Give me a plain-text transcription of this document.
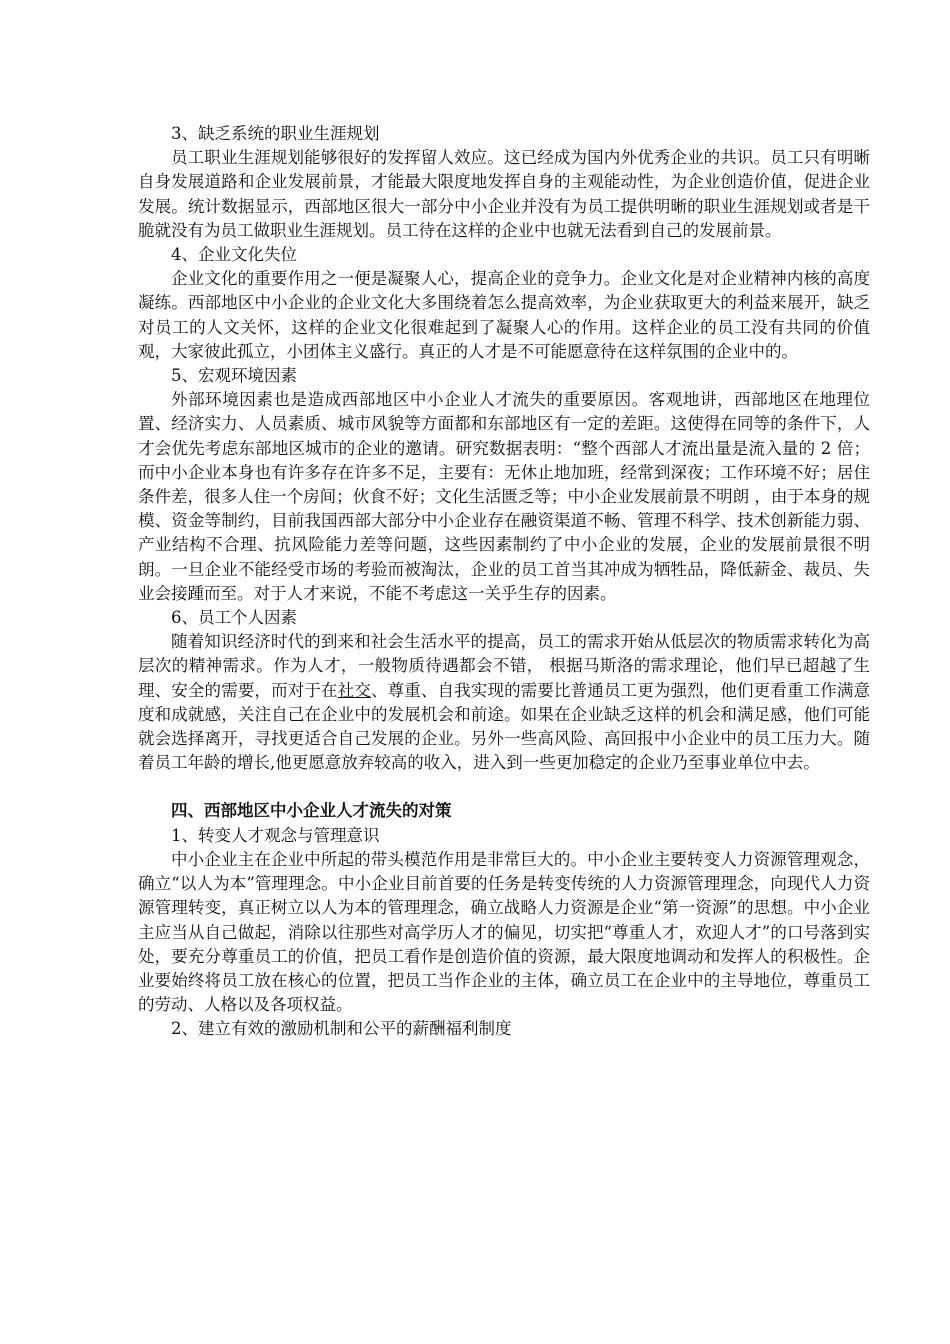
3、缺乏系统的职业生涯规划

员工职业生涯规划能够很好的发挥留人效应。这已经成为国内外优秀企业的共识。员工只有明晰自身发展道路和企业发展前景，才能最大限度地发挥自身的主观能动性，为企业创造价值，促进企业发展。统计数据显示，西部地区很大一部分中小企业并没有为员工提供明晰的职业生涯规划或者是干脆就没有为员工做职业生涯规划。员工待在这样的企业中也就无法看到自己的发展前景。

4、企业文化失位

企业文化的重要作用之一便是凝聚人心，提高企业的竞争力。企业文化是对企业精神内核的高度凝练。西部地区中小企业的企业文化大多围绕着怎么提高效率，为企业获取更大的利益来展开，缺乏对员工的人文关怀，这样的企业文化很难起到了凝聚人心的作用。这样企业的员工没有共同的价值观，大家彼此孤立，小团体主义盛行。真正的人才是不可能愿意待在这样氛围的企业中的。

5、宏观环境因素

外部环境因素也是造成西部地区中小企业人才流失的重要原因。客观地讲，西部地区在地理位置、经济实力、人员素质、城市风貌等方面都和东部地区有一定的差距。这使得在同等的条件下，人才会优先考虑东部地区城市的企业的邀请。研究数据表明：“整个西部人才流出量是流入量的 2 倍；而中小企业本身也有许多存在许多不足，主要有：无休止地加班，经常到深夜；工作环境不好；居住条件差，很多人住一个房间；伙食不好；文化生活匮乏等；中小企业发展前景不明朗 ，由于本身的规模、资金等制约，目前我国西部大部分中小企业存在融资渠道不畅、管理不科学、技术创新能力弱、产业结构不合理、抗风险能力差等问题，这些因素制约了中小企业的发展，企业的发展前景很不明朗。一旦企业不能经受市场的考验而被淘汰，企业的员工首当其冲成为牺牲品，降低薪金、裁员、失业会接踵而至。对于人才来说，不能不考虑这一关乎生存的因素。

6、员工个人因素

随着知识经济时代的到来和社会生活水平的提高，员工的需求开始从低层次的物质需求转化为高层次的精神需求。作为人才，一般物质待遇都会不错， 根据马斯洛的需求理论，他们早已超越了生理、安全的需要，而对于在社交、尊重、自我实现的需要比普通员工更为强烈，他们更看重工作满意度和成就感，关注自己在企业中的发展机会和前途。如果在企业缺乏这样的机会和满足感，他们可能就会选择离开，寻找更适合自己发展的企业。另外一些高风险、高回报中小企业中的员工压力大。随着员工年龄的增长,他更愿意放弃较高的收入，进入到一些更加稳定的企业乃至事业单位中去。

四、西部地区中小企业人才流失的对策

1、转变人才观念与管理意识

中小企业主在企业中所起的带头模范作用是非常巨大的。中小企业主要转变人力资源管理观念，确立“以人为本”管理理念。中小企业目前首要的任务是转变传统的人力资源管理理念，向现代人力资源管理转变，真正树立以人为本的管理理念，确立战略人力资源是企业“第一资源”的思想。中小企业主应当从自己做起，消除以往那些对高学历人才的偏见，切实把“尊重人才，欢迎人才”的口号落到实处，要充分尊重员工的价值，把员工看作是创造价值的资源，最大限度地调动和发挥人的积极性。企业要始终将员工放在核心的位置，把员工当作企业的主体，确立员工在企业中的主导地位，尊重员工的劳动、人格以及各项权益。

2、建立有效的激励机制和公平的薪酬福利制度
